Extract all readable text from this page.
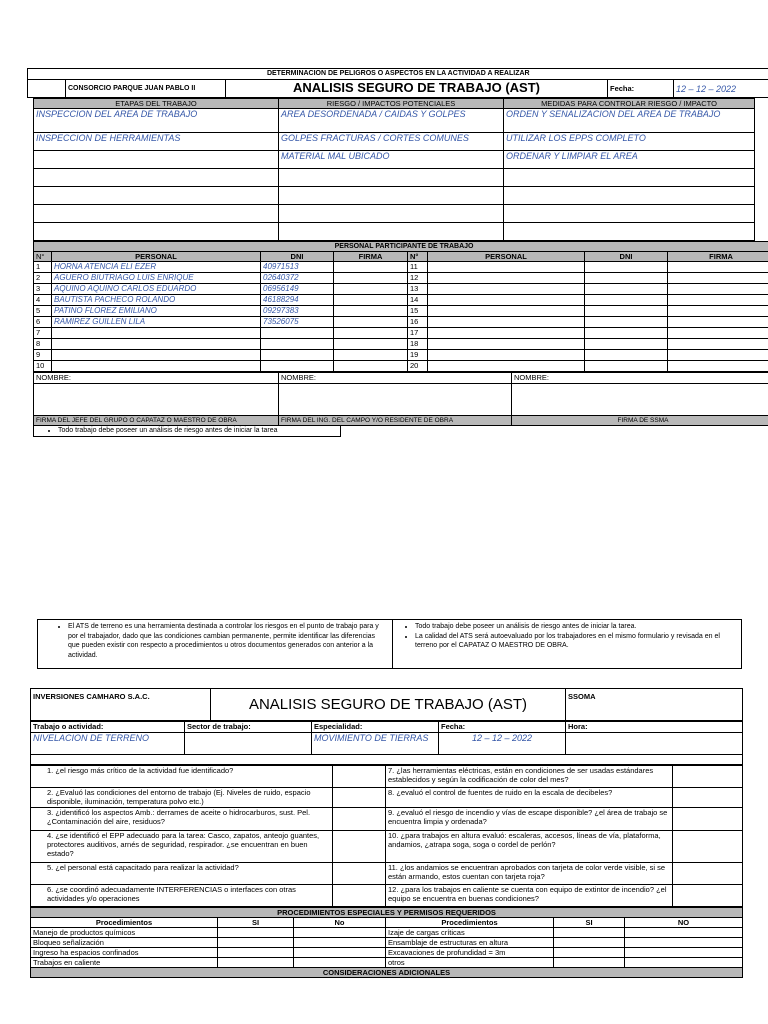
DETERMINACION DE PELIGROS O ASPECTOS EN LA ACTIVIDAD A REALIZAR
	CONSORCIO PARQUE JUAN PABLO II	ANALISIS SEGURO DE TRABAJO (AST)	Fecha:	12 – 12 – 2022
ETAPAS DEL TRABAJO	RIESGO / IMPACTOS POTENCIALES	MEDIDAS PARA CONTROLAR RIESGO / IMPACTO
INSPECCION DEL AREA DE TRABAJO	AREA DESORDENADA / CAIDAS Y GOLPES	ORDEN Y SENALIZACION DEL AREA DE TRABAJO
INSPECCION DE HERRAMIENTAS	GOLPES FRACTURAS / CORTES COMUNES	UTILIZAR LOS EPPS COMPLETO
	MATERIAL MAL UBICADO	ORDENAR Y LIMPIAR EL AREA

PERSONAL PARTICIPANTE DE TRABAJO							
N°	PERSONAL	DNI	FIRMA	N°	PERSONAL	DNI	FIRMA
1	HORNA ATENCIA ELI EZER	40971513		11			
2	AGUERO BIUTRIAGO LUIS ENRIQUE	02640372		12			
3	AQUINO AQUINO CARLOS EDUARDO	06956149		13			
4	BAUTISTA PACHECO ROLANDO	46188294		14			
5	PATINO FLOREZ EMILIANO	09297383		15			
6	RAMIREZ GUILLEN LILA	73526075		16			
7				17			
8				18			
9				19			
10				20			
NOMBRE:	NOMBRE:	NOMBRE:

FIRMA DEL JEFE DEL GRUPO O CAPATAZ O MAESTRO DE OBRA	FIRMA DEL ING. DEL CAMPO Y/O RESIDENTE DE OBRA	FIRMA DE SSMA
• Todo trabajo debe poseer un análisis de riesgo antes de iniciar la tarea
• El ATS de terreno es una herramienta destinada a controlar los riesgos en el punto de trabajo para y por el trabajador, dado que las condiciones cambian permanente, permite identificar las diferencias que pueden existir con respecto a procedimientos u otros documentos generados con anterior a la actividad.
• Todo trabajo debe poseer un análisis de riesgo antes de iniciar la tarea.
• La calidad del ATS será autoevaluado por los trabajadores en el mismo formulario y revisada en el terreno por el CAPATAZ O MAESTRO DE OBRA.
INVERSIONES CAMHARO S.A.C.	ANALISIS SEGURO DE TRABAJO (AST)	SSOMA
Trabajo o actividad:	Sector de trabajo:	Especialidad:	Fecha:	Hora:
NIVELACION DE TERRENO		MOVIMIENTO DE TIERRAS	12 – 12 – 2022	

1. ¿el riesgo más crítico de la actividad fue identificado?		7. ¿las herramientas eléctricas, están en condiciones de ser usadas estándares establecidos y según la codificación de color del mes?	
2. ¿Evaluó las condiciones del entorno de trabajo (Ej. Niveles de ruido, espacio disponible, iluminación, temperatura polvo etc.)		8. ¿evaluó el control de fuentes de ruido en la escala de decibeles?	
3. ¿identificó los aspectos Amb.: derrames de aceite o hidrocarburos, sust. Pel. ¿Contaminación del aire, residuos?		9. ¿evaluó el riesgo de incendio y vías de escape disponible? ¿el área de trabajo se encuentra limpia y ordenada?	
4. ¿se identificó el EPP adecuado para la tarea: Casco, zapatos, anteojo guantes, protectores auditivos, arnés de seguridad, respirador. ¿se encuentran en buen estado?		10. ¿para trabajos en altura evaluó: escaleras, accesos, líneas de vía, plataforma, andamios, ¿atrapa soga, soga o cordel de perlón?	
5. ¿el personal está capacitado para realizar la actividad?		11. ¿los andamios se encuentran aprobados con tarjeta de color verde visible, si se están armando, estos cuentan con tarjeta roja?	
6. ¿se coordinó adecuadamente INTERFERENCIAS o interfaces con otras actividades y/o operaciones		12. ¿para los trabajos en caliente se cuenta con equipo de extintor de incendio? ¿el equipo se encuentra en buenas condiciones?	
PROCEDIMIENTOS ESPECIALES Y PERMISOS REQUERIDOS					
Procedimientos	SI	No	Procedimientos	SI	NO
Manejo de productos químicos			Izaje de cargas críticas		
Bloqueo señalización			Ensamblaje de estructuras en altura		
Ingreso ha espacios confinados			Excavaciones de profundidad = 3m		
Trabajos en caliente			otros		
CONSIDERACIONES ADICIONALES					
